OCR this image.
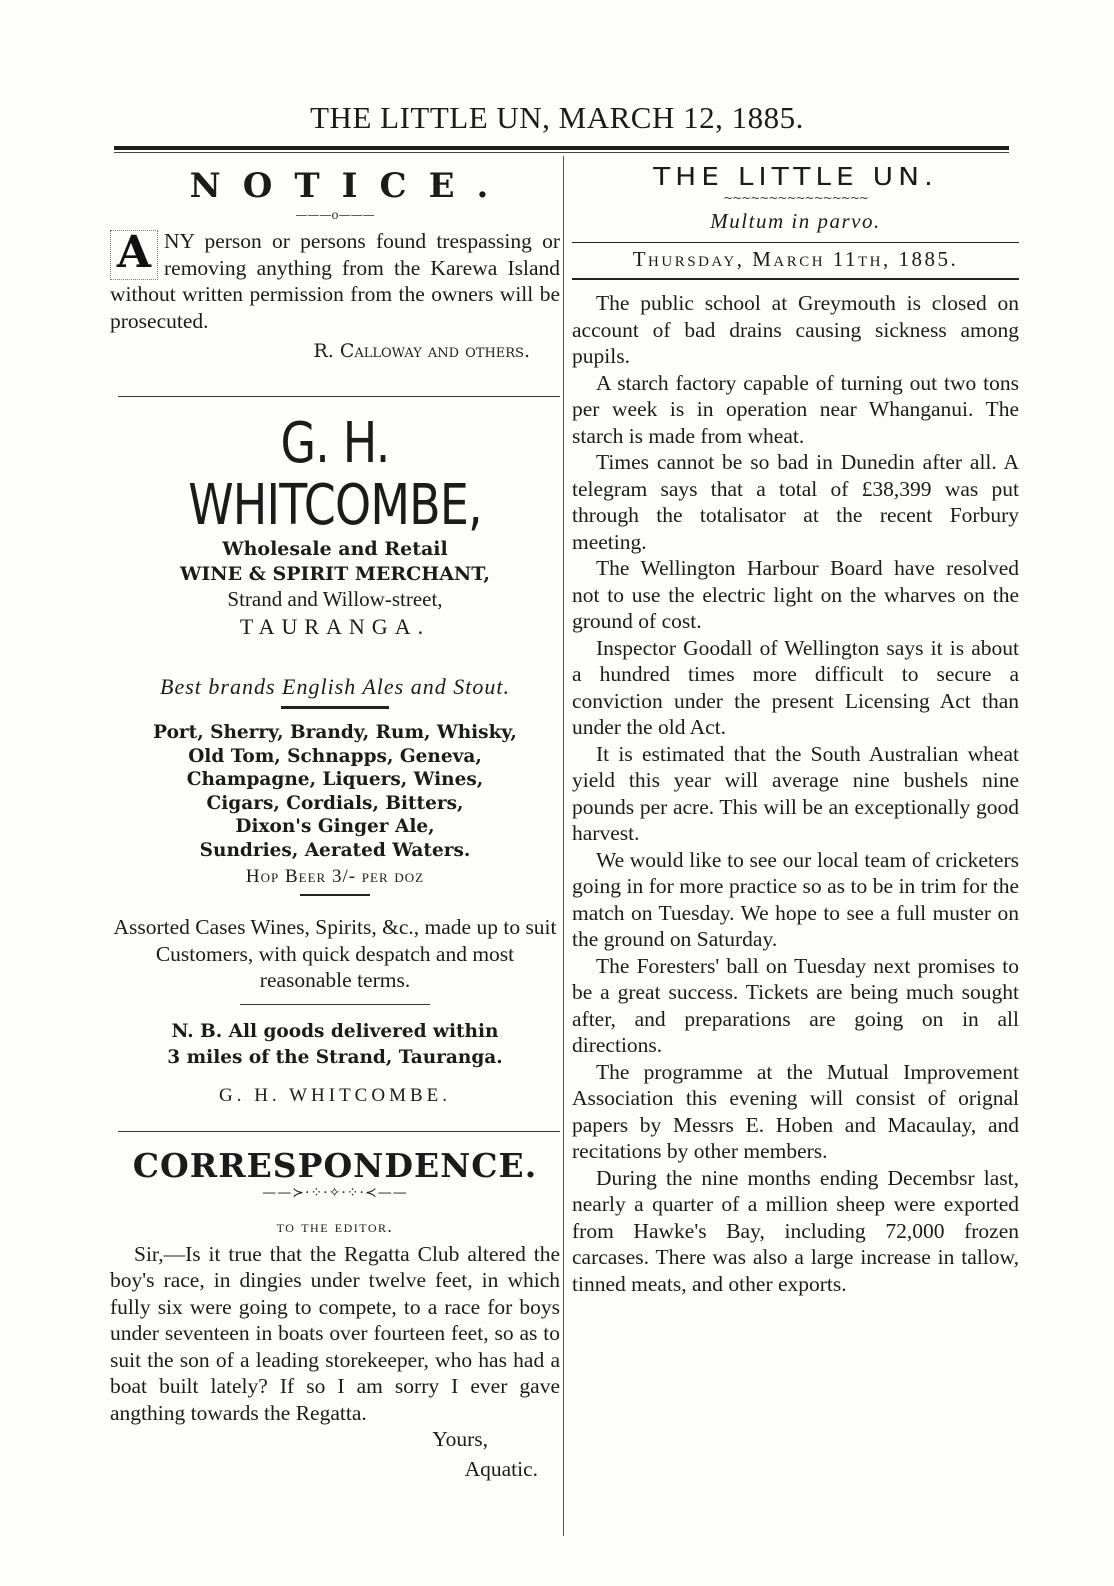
THE LITTLE UN, MARCH 12, 1885.
NOTICE.
———o———
A NY person or persons found trespassing or removing anything from the Karewa Island without written permission from the owners will be prosecuted.

R. Calloway and others.
G. H. WHITCOMBE,
Wholesale and Retail
WINE & SPIRIT MERCHANT,
Strand and Willow-street,
TAURANGA.
Best brands English Ales and Stout.
Port, Sherry, Brandy, Rum, Whisky,
Old Tom, Schnapps, Geneva,
Champagne, Liquers, Wines,
Cigars, Cordials, Bitters,
Dixon's Ginger Ale,
Sundries, Aerated Waters.
Hop Beer 3/- per doz
Assorted Cases Wines, Spirits, &c., made up to suit Customers, with quick despatch and most reasonable terms.
N. B. All goods delivered within
3 miles of the Strand, Tauranga.
G. H. WHITCOMBE.
CORRESPONDENCE.
——≻·⁘·✧·⁘·≺——
to the editor.

Sir,—Is it true that the Regatta Club altered the boy's race, in dingies under twelve feet, in which fully six were going to compete, to a race for boys under seventeen in boats over fourteen feet, so as to suit the son of a leading storekeeper, who has had a boat built lately? If so I am sorry I ever gave angthing towards the Regatta.

Yours,
Aquatic.
THE LITTLE UN.
~~~~~~~~~~~~~~~~
Multum in parvo.
Thursday, March 11th, 1885.

The public school at Greymouth is closed on account of bad drains causing sickness among pupils.

A starch factory capable of turning out two tons per week is in operation near Whanganui. The starch is made from wheat.

Times cannot be so bad in Dunedin after all. A telegram says that a total of £38,399 was put through the totalisator at the recent Forbury meeting.

The Wellington Harbour Board have resolved not to use the electric light on the wharves on the ground of cost.

Inspector Goodall of Wellington says it is about a hundred times more difficult to secure a conviction under the present Licensing Act than under the old Act.

It is estimated that the South Australian wheat yield this year will average nine bushels nine pounds per acre. This will be an exceptionally good harvest.

We would like to see our local team of cricketers going in for more practice so as to be in trim for the match on Tuesday. We hope to see a full muster on the ground on Saturday.

The Foresters' ball on Tuesday next promises to be a great success. Tickets are being much sought after, and preparations are going on in all directions.

The programme at the Mutual Improvement Association this evening will consist of orignal papers by Messrs E. Hoben and Macaulay, and recitations by other members.

During the nine months ending Decembsr last, nearly a quarter of a million sheep were exported from Hawke's Bay, including 72,000 frozen carcases. There was also a large increase in tallow, tinned meats, and other exports.
